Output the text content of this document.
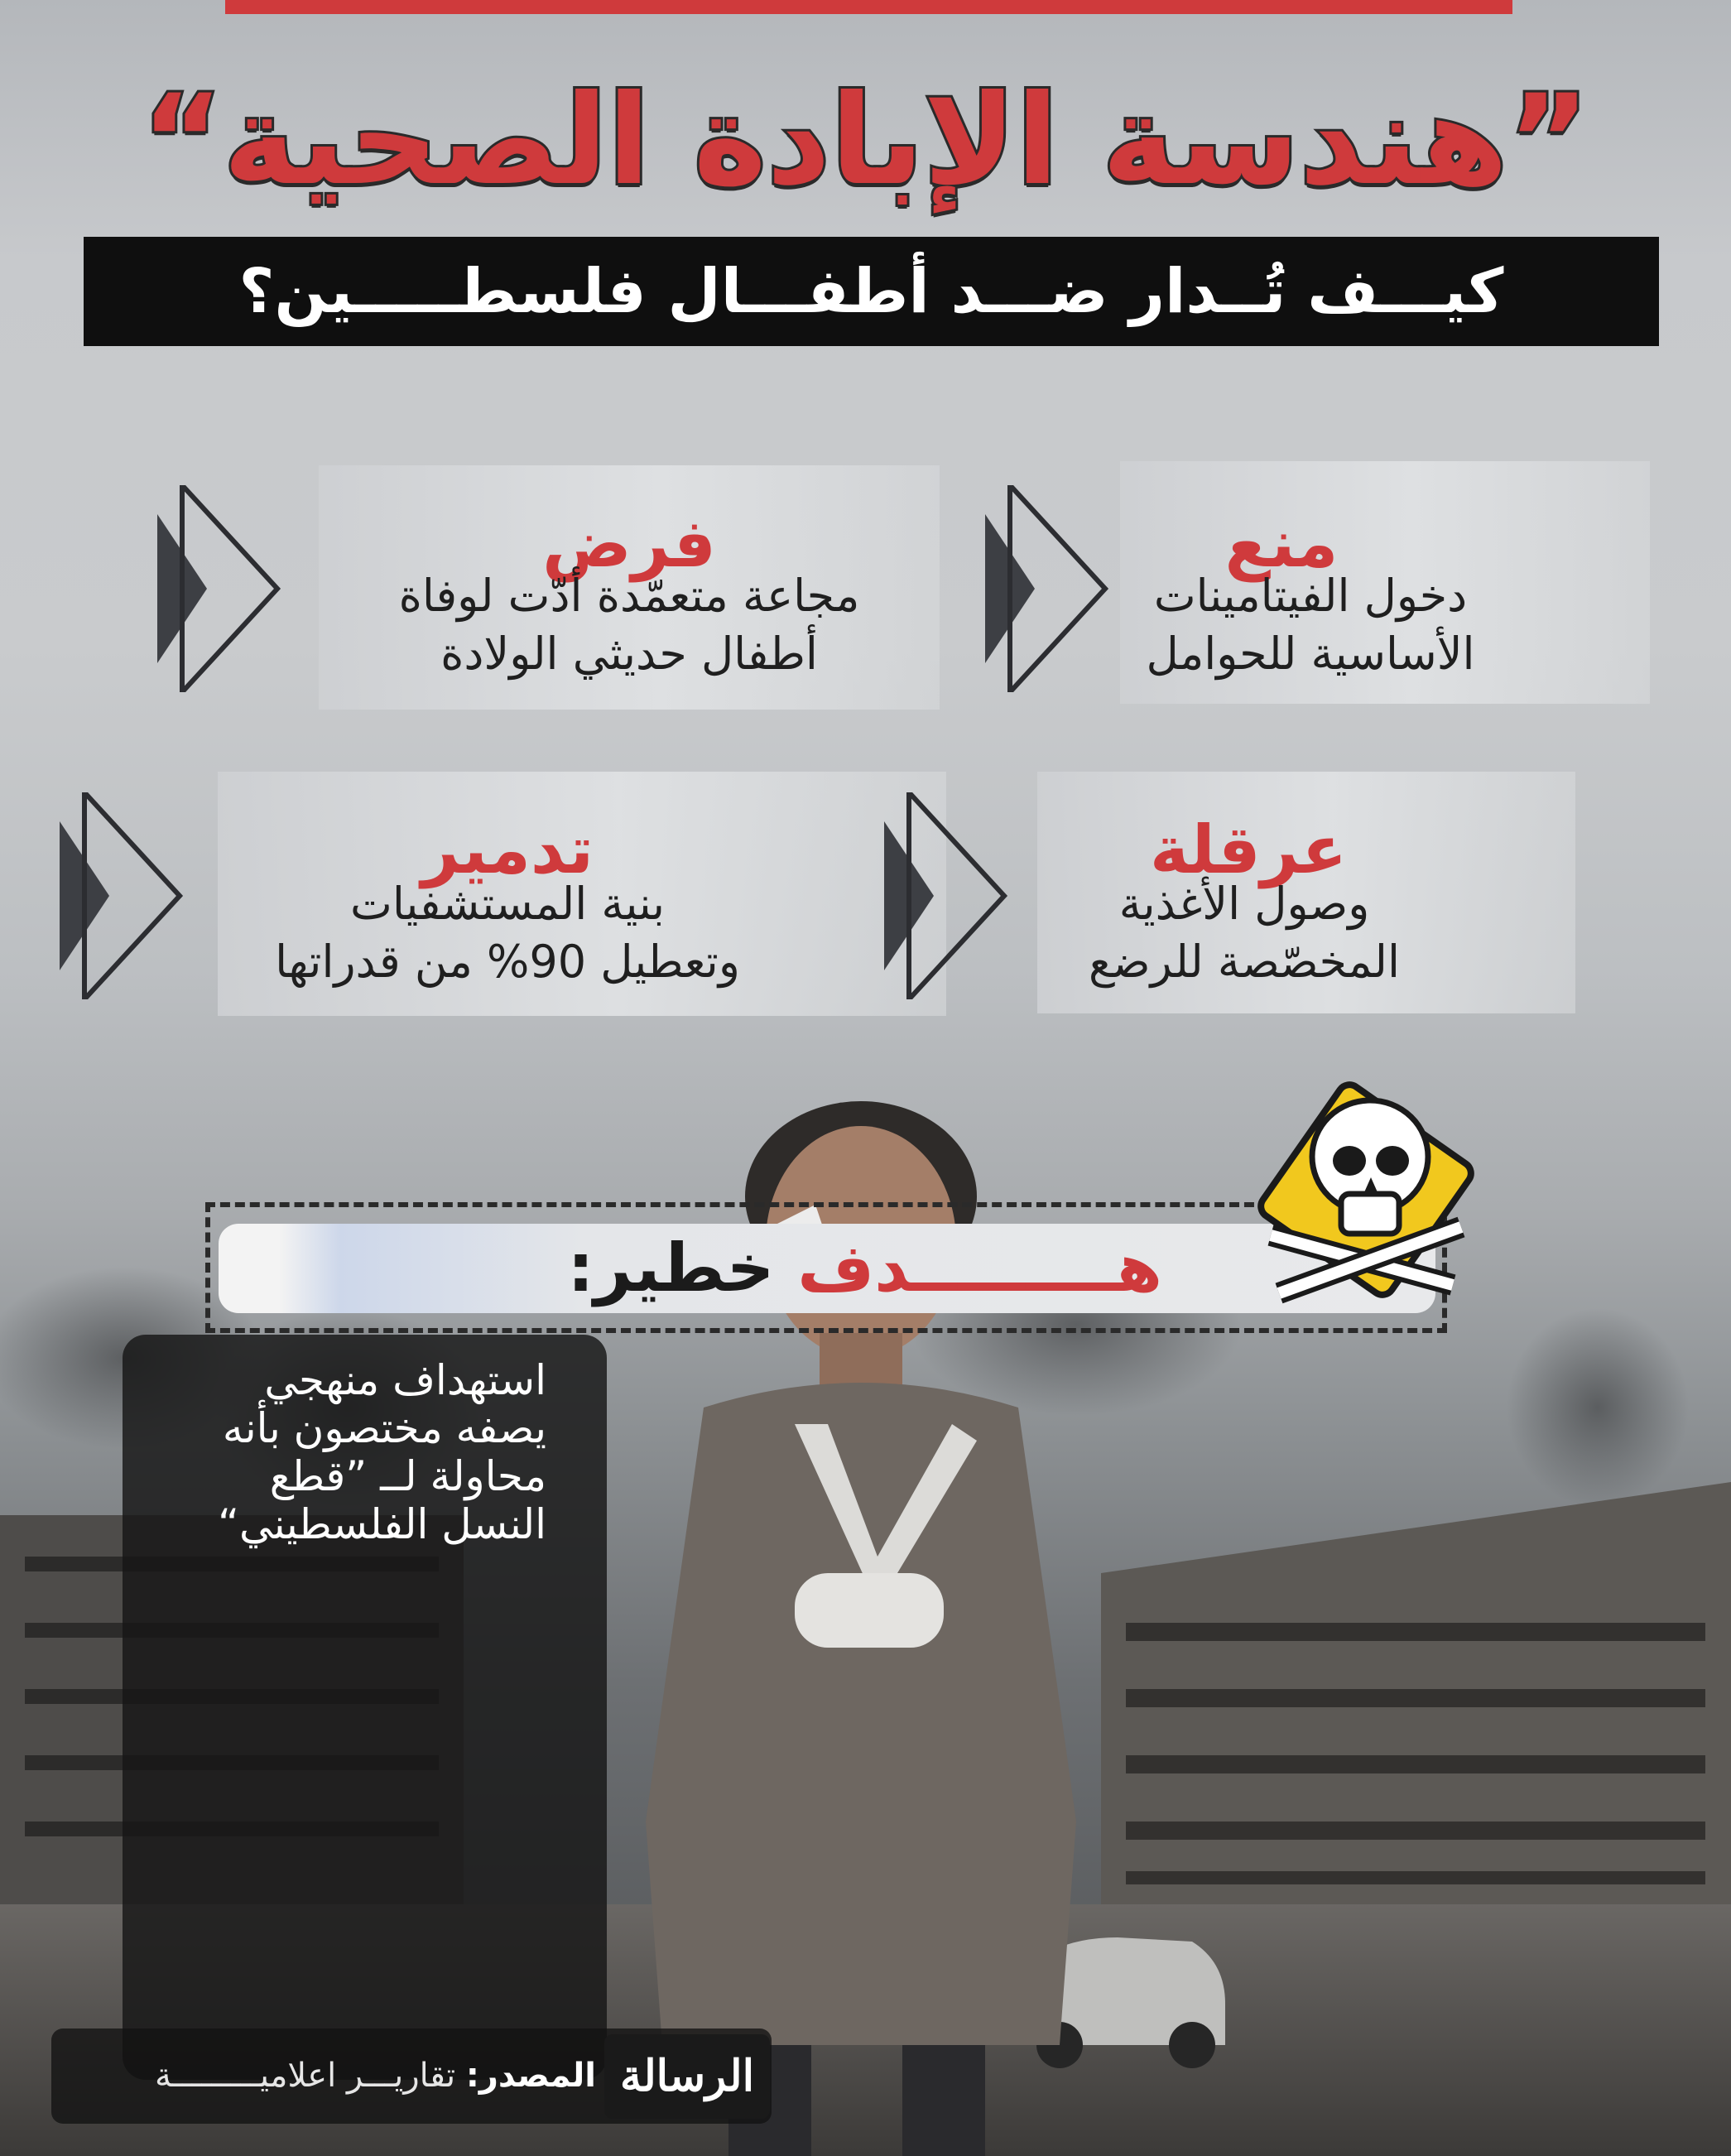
”هندسة الإبادة الصحية“
كيـــف تُــدار ضـــد أطفـــال فلسطـــــين؟
منع
دخول الفيتامينات
الأساسية للحوامل
فرض
مجاعة متعمّدة أدّت لوفاة
أطفال حديثي الولادة
عرقلة
وصول الأغذية
المخصّصة للرضع
تدمير
بنية المستشفيات
وتعطيل 90% من قدراتها
هـــــــــدف خطير:
استهداف منهجي
يصفه مختصون بأنه
محاولة لــ ”قطع
النسل الفلسطيني“
الرسالة
المصدر: تقاريـــر اعلاميـــــــــة
